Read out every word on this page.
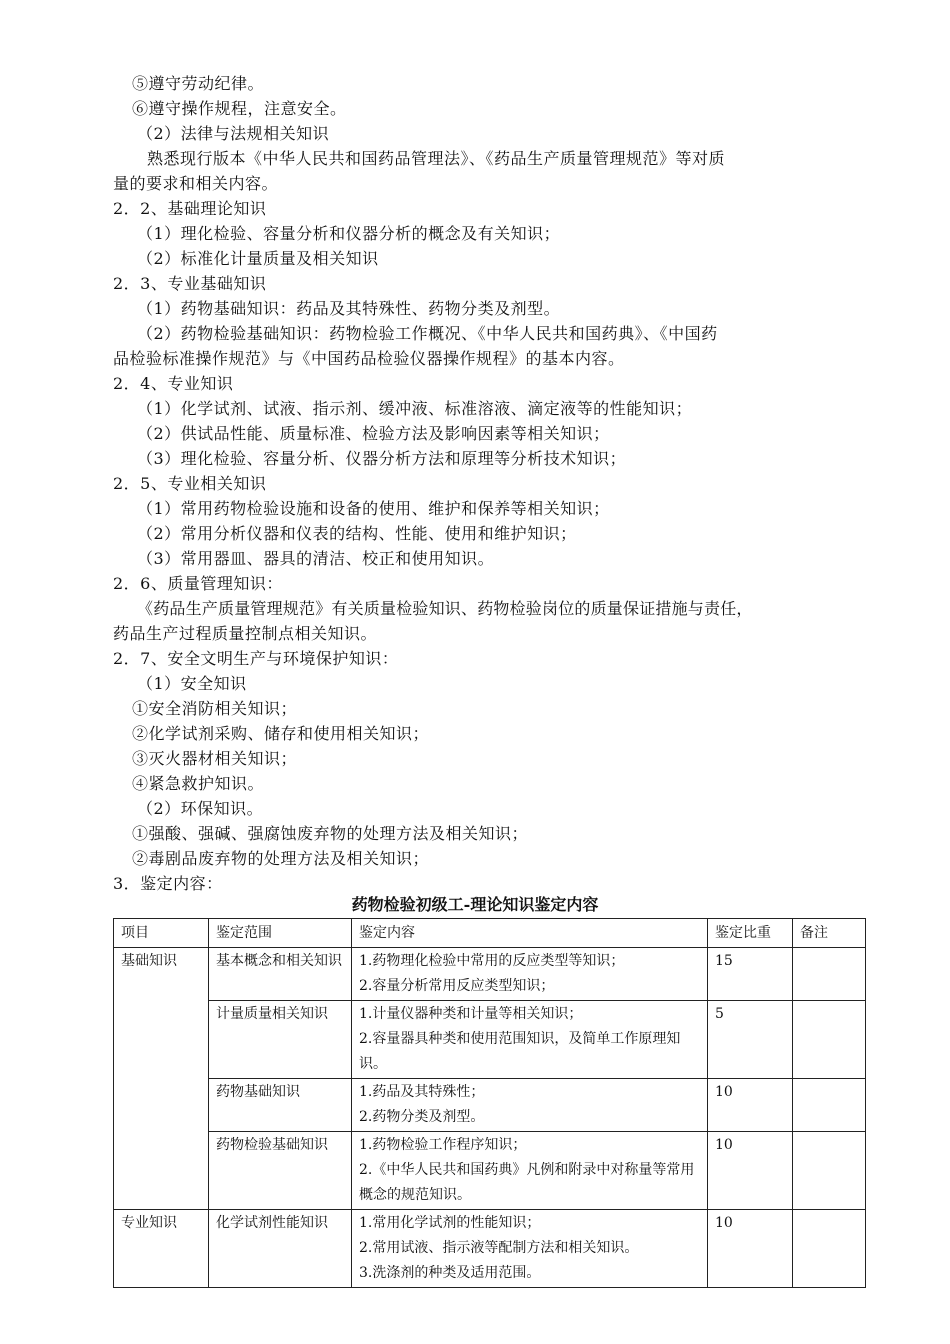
⑤遵守劳动纪律。
⑥遵守操作规程，注意安全。
（2）法律与法规相关知识
熟悉现行版本《中华人民共和国药品管理法》、《药品生产质量管理规范》等对质
量的要求和相关内容。
2．2、基础理论知识
（1）理化检验、容量分析和仪器分析的概念及有关知识；
（2）标准化计量质量及相关知识
2．3、专业基础知识
（1）药物基础知识：药品及其特殊性、药物分类及剂型。
（2）药物检验基础知识：药物检验工作概况、《中华人民共和国药典》、《中国药
品检验标准操作规范》与《中国药品检验仪器操作规程》的基本内容。
2．4、专业知识
（1）化学试剂、试液、指示剂、缓冲液、标准溶液、滴定液等的性能知识；
（2）供试品性能、质量标准、检验方法及影响因素等相关知识；
（3）理化检验、容量分析、仪器分析方法和原理等分析技术知识；
2．5、专业相关知识
（1）常用药物检验设施和设备的使用、维护和保养等相关知识；
（2）常用分析仪器和仪表的结构、性能、使用和维护知识；
（3）常用器皿、器具的清洁、校正和使用知识。
2．6、质量管理知识：
《药品生产质量管理规范》有关质量检验知识、药物检验岗位的质量保证措施与责任，
药品生产过程质量控制点相关知识。
2．7、安全文明生产与环境保护知识：
（1）安全知识
①安全消防相关知识；
②化学试剂采购、储存和使用相关知识；
③灭火器材相关知识；
④紧急救护知识。
（2）环保知识。
①强酸、强碱、强腐蚀废弃物的处理方法及相关知识；
②毒剧品废弃物的处理方法及相关知识；
3．鉴定内容：
药物检验初级工-理论知识鉴定内容
项目	鉴定范围	鉴定内容	鉴定比重	备注
基础知识	基本概念和相关知识	1.药物理化检验中常用的反应类型等知识；
2.容量分析常用反应类型知识；	15	
	计量质量相关知识	1.计量仪器种类和计量等相关知识；
2.容量器具种类和使用范围知识，及简单工作原理知识。	5	
	药物基础知识	1.药品及其特殊性；
2.药物分类及剂型。	10	
	药物检验基础知识	1.药物检验工作程序知识；
2.《中华人民共和国药典》凡例和附录中对称量等常用概念的规范知识。	10	
专业知识	化学试剂性能知识	1.常用化学试剂的性能知识；
2.常用试液、指示液等配制方法和相关知识。
3.洗涤剂的种类及适用范围。	10	
